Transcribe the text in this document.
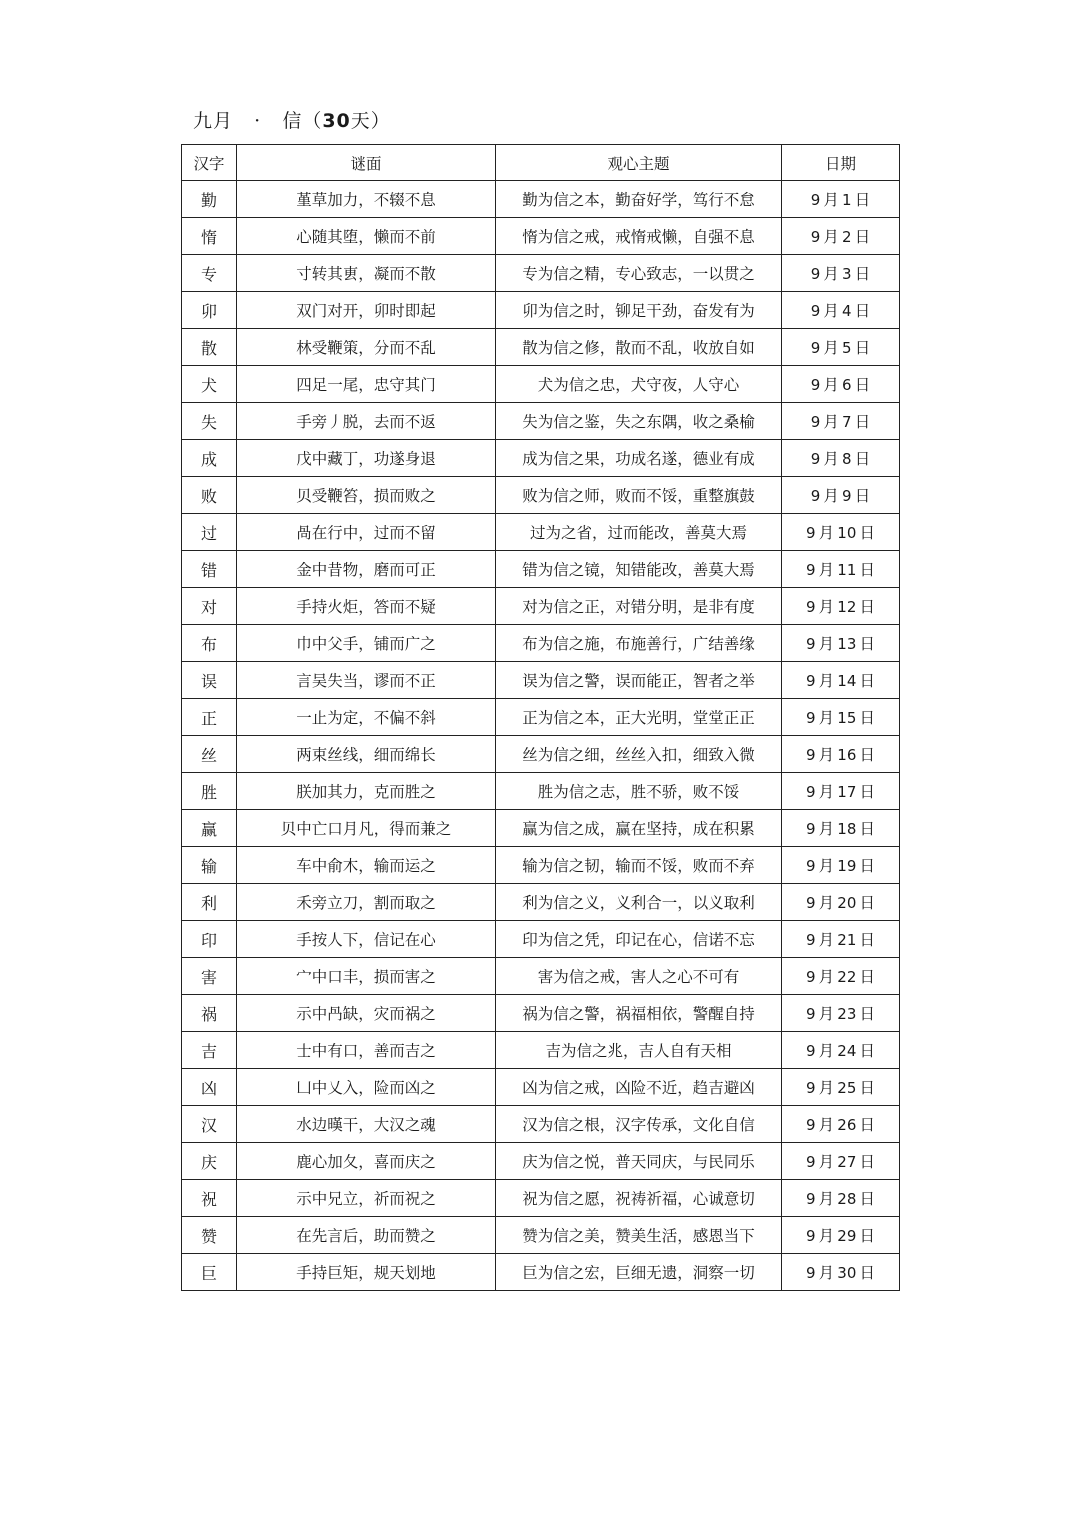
九月 · 信（30天）
汉字	谜面	观心主题	日期
勤	堇草加力，不辍不息	勤为信之本，勤奋好学，笃行不怠	9  月  1  日
惰	心随其堕，懒而不前	惰为信之戒，戒惰戒懒，自强不息	9  月  2  日
专	寸转其叀，凝而不散	专为信之精，专心致志，一以贯之	9  月  3  日
卯	双门对开，卯时即起	卯为信之时，铆足干劲，奋发有为	9  月  4  日
散	林受鞭策，分而不乱	散为信之修，散而不乱，收放自如	9  月  5  日
犬	四足一尾，忠守其门	犬为信之忠，犬守夜，人守心	9  月  6  日
失	手旁丿脱，去而不返	失为信之鉴，失之东隅，收之桑榆	9  月  7  日
成	戊中藏丁，功遂身退	成为信之果，功成名遂，德业有成	9  月  8  日
败	贝受鞭笞，损而败之	败为信之师，败而不馁，重整旗鼓	9  月  9  日
过	咼在行中，过而不留	过为之省，过而能改，善莫大焉	9  月  10  日
错	金中昔物，磨而可正	错为信之镜，知错能改，善莫大焉	9  月  11  日
对	手持火炬，答而不疑	对为信之正，对错分明，是非有度	9  月  12  日
布	巾中父手，铺而广之	布为信之施，布施善行，广结善缘	9  月  13  日
误	言吴失当，谬而不正	误为信之警，误而能正，智者之举	9  月  14  日
正	一止为定，不偏不斜	正为信之本，正大光明，堂堂正正	9  月  15  日
丝	两束丝线，细而绵长	丝为信之细，丝丝入扣，细致入微	9  月  16  日
胜	朕加其力，克而胜之	胜为信之志，胜不骄，败不馁	9  月  17  日
赢	贝中亡口月凡，得而兼之	赢为信之成，赢在坚持，成在积累	9  月  18  日
输	车中俞木，输而运之	输为信之韧，输而不馁，败而不弃	9  月  19  日
利	禾旁立刀，割而取之	利为信之义，义利合一，以义取利	9  月  20  日
印	手按人下，信记在心	印为信之凭，印记在心，信诺不忘	9  月  21  日
害	宀中口丰，损而害之	害为信之戒，害人之心不可有	9  月  22  日
祸	示中冎缺，灾而祸之	祸为信之警，祸福相依，警醒自持	9  月  23  日
吉	士中有口，善而吉之	吉为信之兆，吉人自有天相	9  月  24  日
凶	凵中乂入，险而凶之	凶为信之戒，凶险不近，趋吉避凶	9  月  25  日
汉	水边暵干，大汉之魂	汉为信之根，汉字传承，文化自信	9  月  26  日
庆	鹿心加夂，喜而庆之	庆为信之悦，普天同庆，与民同乐	9  月  27  日
祝	示中兄立，祈而祝之	祝为信之愿，祝祷祈福，心诚意切	9  月  28  日
赞	在先言后，助而赞之	赞为信之美，赞美生活，感恩当下	9  月  29  日
巨	手持巨矩，规天划地	巨为信之宏，巨细无遗，洞察一切	9  月  30  日
